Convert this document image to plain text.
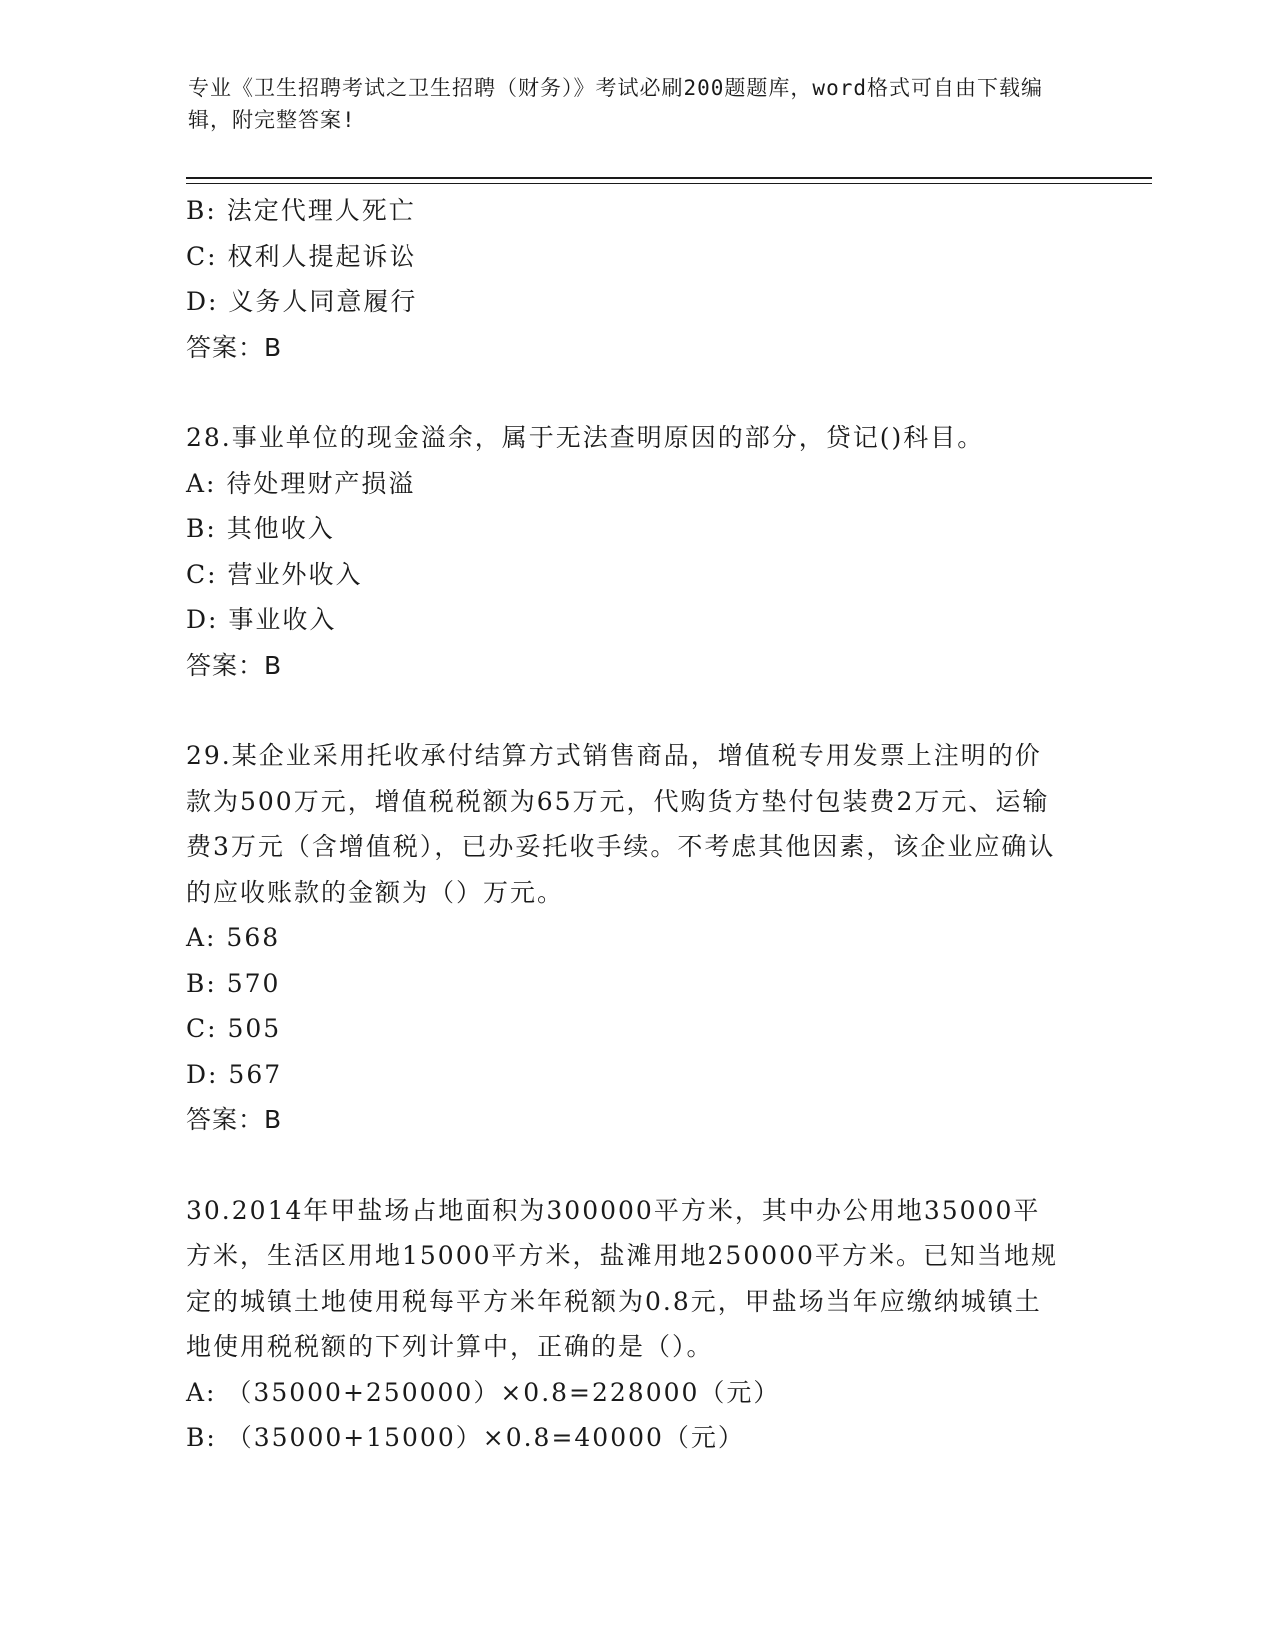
专业《卫生招聘考试之卫生招聘（财务）》考试必刷200题题库，word格式可自由下载编辑，附完整答案!
B: 法定代理人死亡
C: 权利人提起诉讼
D: 义务人同意履行
答案：B
28.事业单位的现金溢余，属于无法查明原因的部分，贷记()科目。
A: 待处理财产损溢
B: 其他收入
C: 营业外收入
D: 事业收入
答案：B
29.某企业采用托收承付结算方式销售商品，增值税专用发票上注明的价款为500万元，增值税税额为65万元，代购货方垫付包装费2万元、运输费3万元（含增值税），已办妥托收手续。不考虑其他因素，该企业应确认的应收账款的金额为（）万元。
A: 568
B: 570
C: 505
D: 567
答案：B
30.2014年甲盐场占地面积为300000平方米，其中办公用地35000平方米，生活区用地15000平方米，盐滩用地250000平方米。已知当地规定的城镇土地使用税每平方米年税额为0.8元，甲盐场当年应缴纳城镇土地使用税税额的下列计算中，正确的是（）。
A: （35000+250000）×0.8=228000（元）
B: （35000+15000）×0.8=40000（元）
